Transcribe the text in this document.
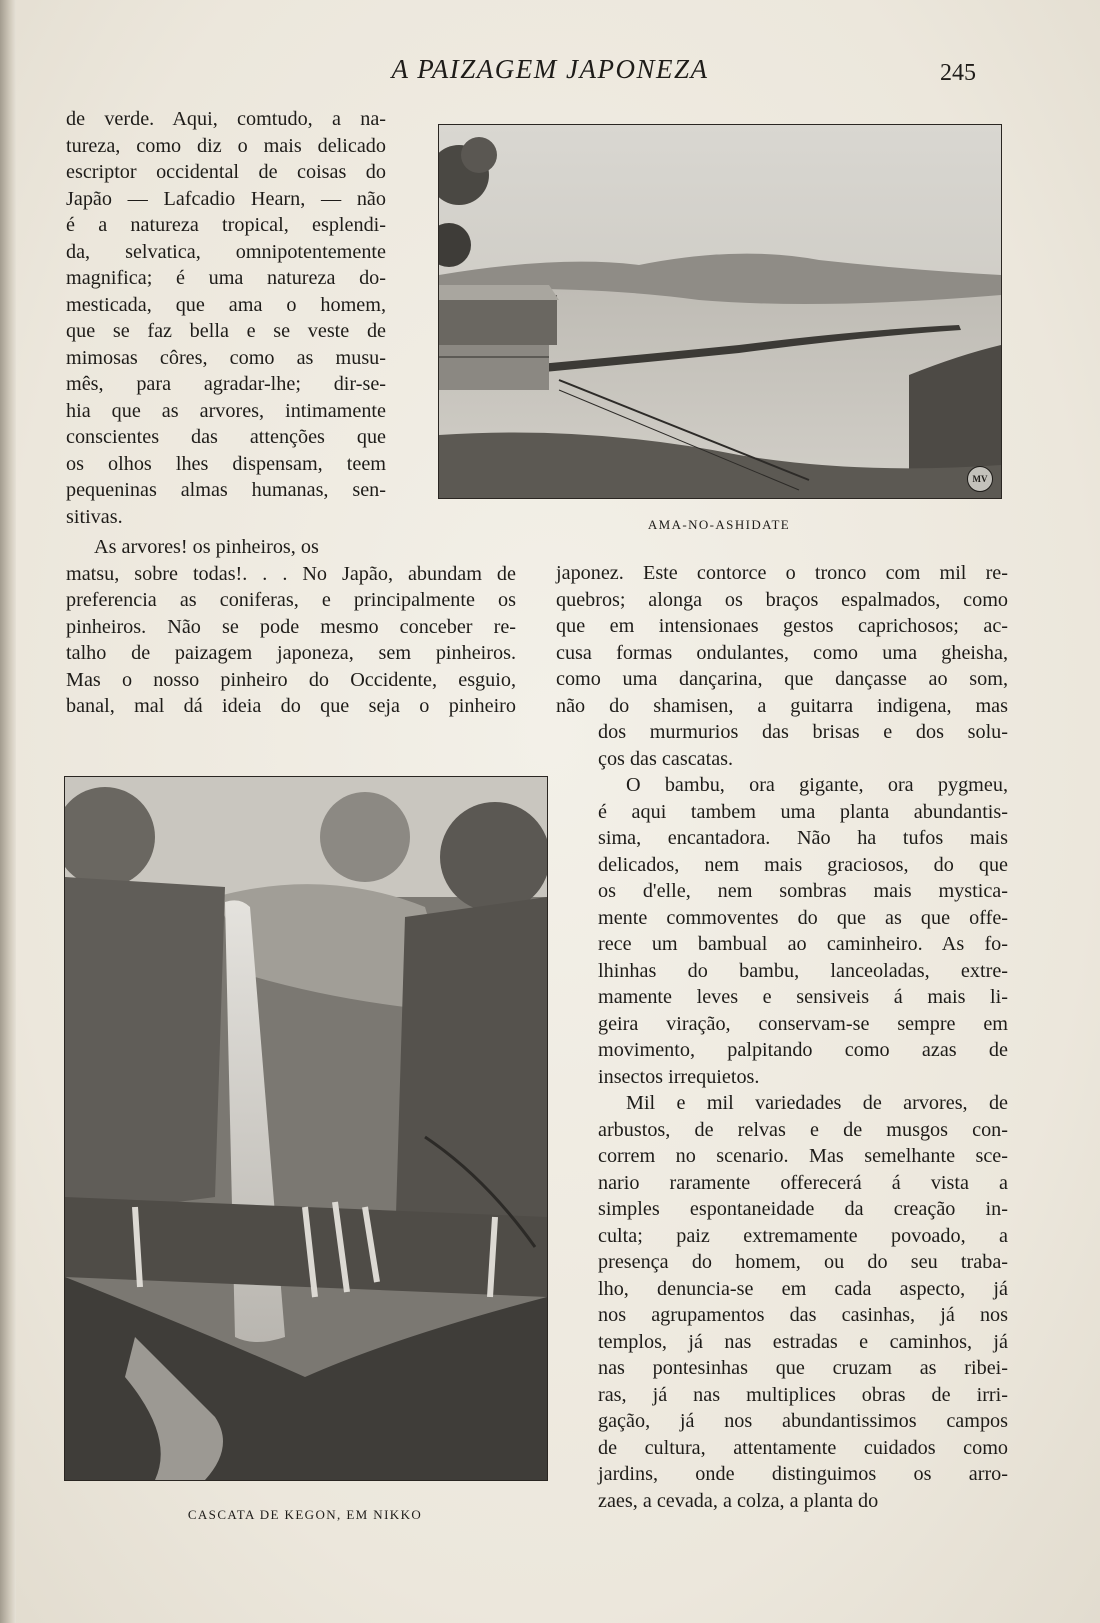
A PAIZAGEM JAPONEZA	245
de verde. Aqui, comtudo, a na-
tureza, como diz o mais delicado
escriptor occidental de coisas do
Japão — Lafcadio Hearn, — não
é a natureza tropical, esplendi-
da, selvatica, omnipotentemente
magnifica; é uma natureza do-
mesticada, que ama o homem,
que se faz bella e se veste de
mimosas côres, como as musu-
mês, para agradar-lhe; dir-se-
hia que as arvores, intimamente
conscientes das attenções que
os olhos lhes dispensam, teem
pequeninas almas humanas, sen-
sitivas.
As arvores! os pinheiros, os
matsu, sobre todas!. . . No Japão, abundam de
preferencia as coniferas, e principalmente os
pinheiros. Não se pode mesmo conceber re-
talho de paizagem japoneza, sem pinheiros.
Mas o nosso pinheiro do Occidente, esguio,
banal, mal dá ideia do que seja o pinheiro
MV
AMA-NO-ASHIDATE
japonez. Este contorce o tronco com mil re-
quebros; alonga os braços espalmados, como
que em intensionaes gestos caprichosos; ac-
cusa formas ondulantes, como uma gheisha,
como uma dançarina, que dançasse ao som,
não do shamisen, a guitarra indigena, mas
dos murmurios das brisas e dos solu-
ços das cascatas.
O bambu, ora gigante, ora pygmeu,
é aqui tambem uma planta abundantis-
sima, encantadora. Não ha tufos mais
delicados, nem mais graciosos, do que
os d'elle, nem sombras mais mystica-
mente commoventes do que as que offe-
rece um bambual ao caminheiro. As fo-
lhinhas do bambu, lanceoladas, extre-
mamente leves e sensiveis á mais li-
geira viração, conservam-se sempre em
movimento, palpitando como azas de
insectos irrequietos.
Mil e mil variedades de arvores, de
arbustos, de relvas e de musgos con-
correm no scenario. Mas semelhante sce-
nario raramente offerecerá á vista a
simples espontaneidade da creação in-
culta; paiz extremamente povoado, a
presença do homem, ou do seu traba-
lho, denuncia-se em cada aspecto, já
nos agrupamentos das casinhas, já nos
templos, já nas estradas e caminhos, já
nas pontesinhas que cruzam as ribei-
ras, já nas multiplices obras de irri-
gação, já nos abundantissimos campos
de cultura, attentamente cuidados como
jardins, onde distinguimos os arro-
zaes, a cevada, a colza, a planta do
CASCATA DE KEGON, EM NIKKO
